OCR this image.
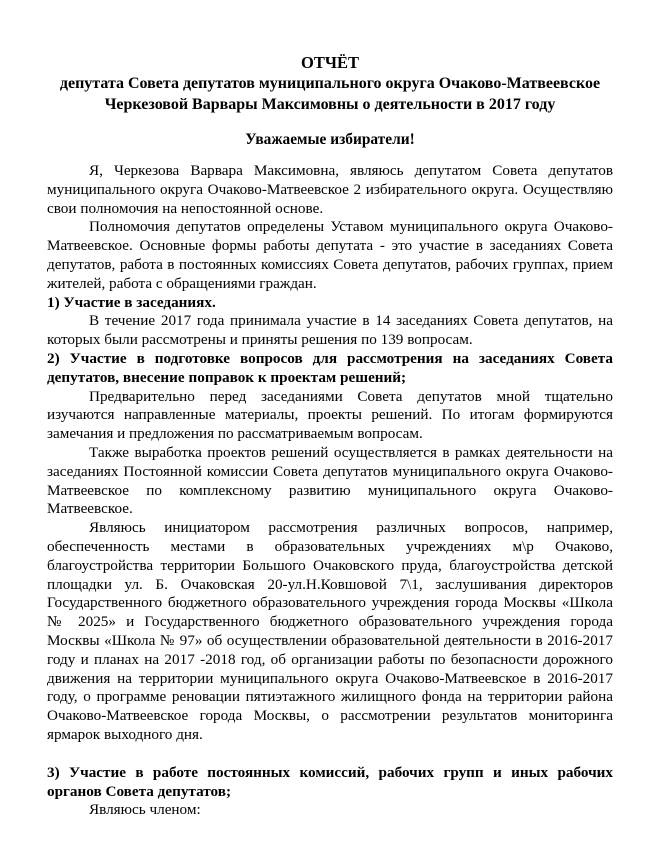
ОТЧЁТ

депутата Совета депутатов муниципального округа Очаково-Матвеевское

Черкезовой Варвары Максимовны о деятельности в 2017 году

Уважаемые избиратели!

Я, Черкезова Варвара Максимовна, являюсь депутатом Совета депутатов муниципального округа Очаково-Матвеевское 2 избирательного округа. Осуществляю свои полномочия на непостоянной основе.

Полномочия депутатов определены Уставом муниципального округа Очаково-Матвеевское. Основные формы работы депутата - это участие в заседаниях Совета депутатов, работа в постоянных комиссиях Совета депутатов, рабочих группах, прием жителей, работа с обращениями граждан.

1) Участие в заседаниях.

В течение 2017 года принимала участие в 14 заседаниях Совета депутатов, на которых были рассмотрены и приняты решения по 139 вопросам.

2) Участие в подготовке вопросов для рассмотрения на заседаниях Совета депутатов, внесение поправок к проектам решений;

Предварительно перед заседаниями Совета депутатов мной тщательно изучаются направленные материалы, проекты решений. По итогам формируются замечания и предложения по рассматриваемым вопросам.

Также выработка проектов решений осуществляется в рамках деятельности на заседаниях Постоянной комиссии Совета депутатов муниципального округа Очаково-Матвеевское по комплексному развитию муниципального округа Очаково-Матвеевское.

Являюсь инициатором рассмотрения различных вопросов, например, обеспеченность местами в образовательных учреждениях м\р Очаково, благоустройства территории Большого Очаковского пруда, благоустройства детской площадки ул. Б. Очаковская 20-ул.Н.Ковшовой 7\1, заслушивания директоров Государственного бюджетного образовательного учреждения города Москвы «Школа № 2025» и Государственного бюджетного образовательного учреждения города Москвы «Школа № 97» об осуществлении образовательной деятельности в 2016-2017 году и планах на 2017 -2018 год, об организации работы по безопасности дорожного движения на территории муниципального округа Очаково-Матвеевское в 2016-2017 году, о программе реновации пятиэтажного жилищного фонда на территории района Очаково-Матвеевское города Москвы, о рассмотрении результатов мониторинга ярмарок выходного дня.

3) Участие в работе постоянных комиссий, рабочих групп и иных рабочих органов Совета депутатов;

Являюсь членом:
